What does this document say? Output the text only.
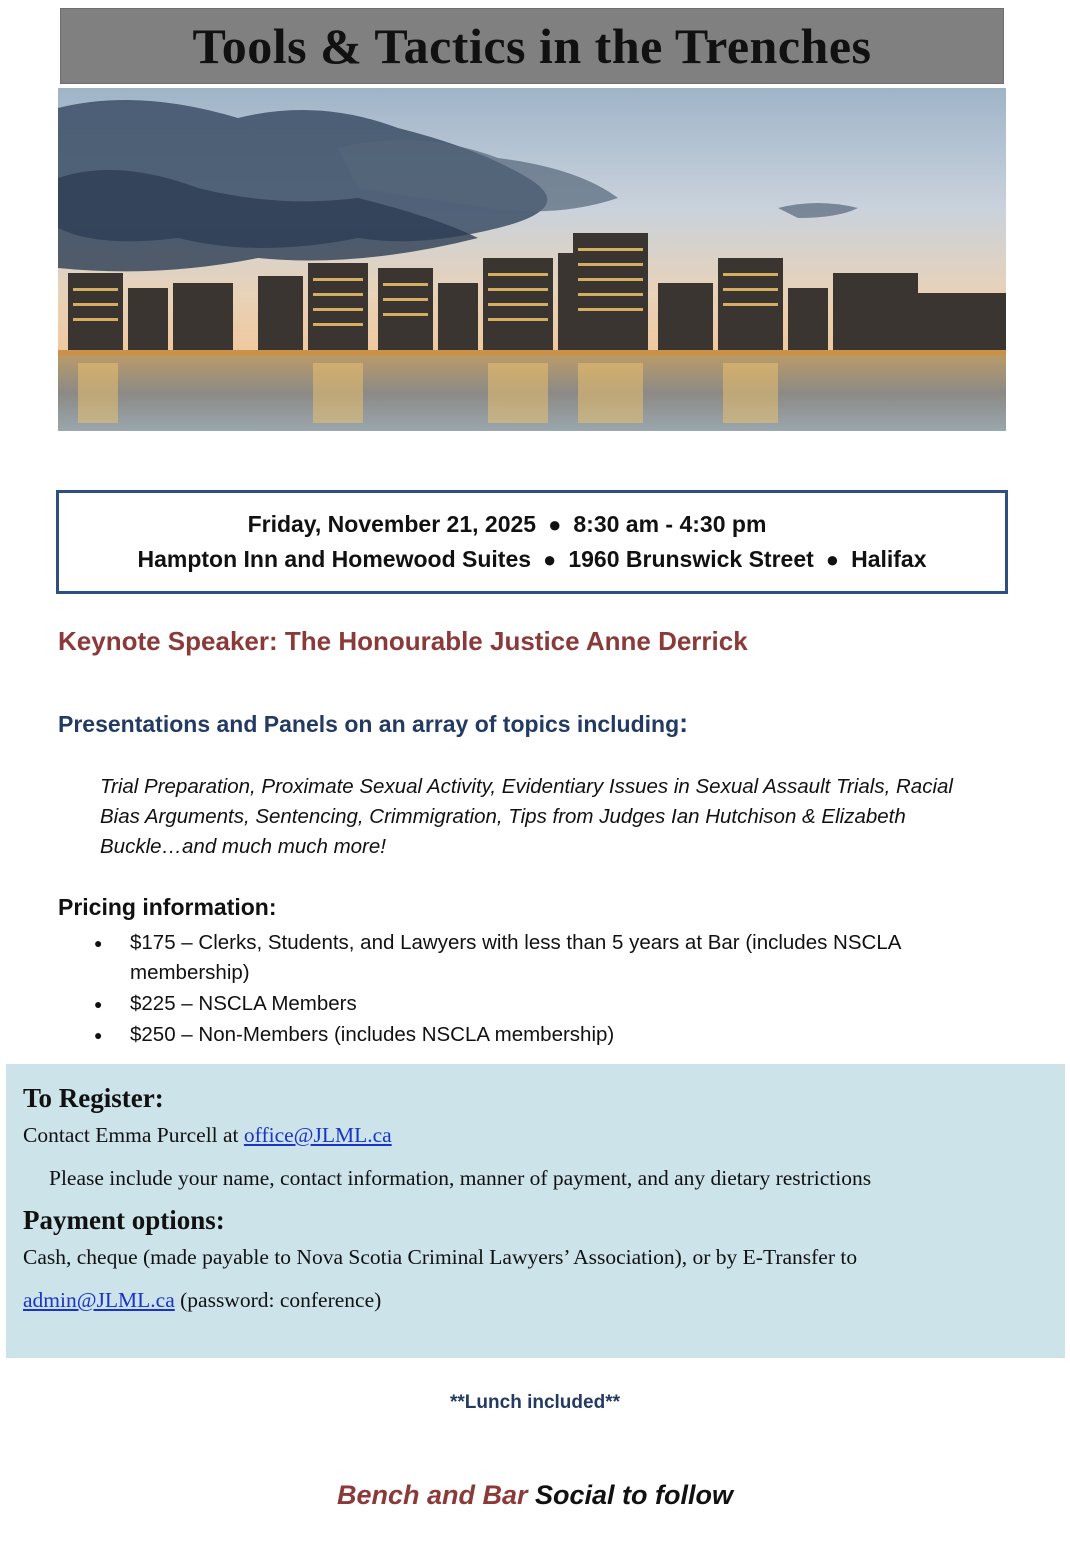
Tools & Tactics in the Trenches
Friday, November 21, 2025 ● 8:30 am - 4:30 pm
Hampton Inn and Homewood Suites ● 1960 Brunswick Street ● Halifax
Keynote Speaker: The Honourable Justice Anne Derrick
Presentations and Panels on an array of topics including:
Trial Preparation, Proximate Sexual Activity, Evidentiary Issues in Sexual Assault Trials, Racial Bias Arguments, Sentencing, Crimmigration, Tips from Judges Ian Hutchison & Elizabeth Buckle…and much much more!
Pricing information:
● $175 – Clerks, Students, and Lawyers with less than 5 years at Bar (includes NSCLA membership)
● $225 – NSCLA Members
● $250 – Non-Members (includes NSCLA membership)
To Register:
Contact Emma Purcell at office@JLML.ca
Please include your name, contact information, manner of payment, and any dietary restrictions
Payment options:
Cash, cheque (made payable to Nova Scotia Criminal Lawyers’ Association), or by E-Transfer to
admin@JLML.ca (password: conference)
**Lunch included**
Bench and Bar Social to follow
